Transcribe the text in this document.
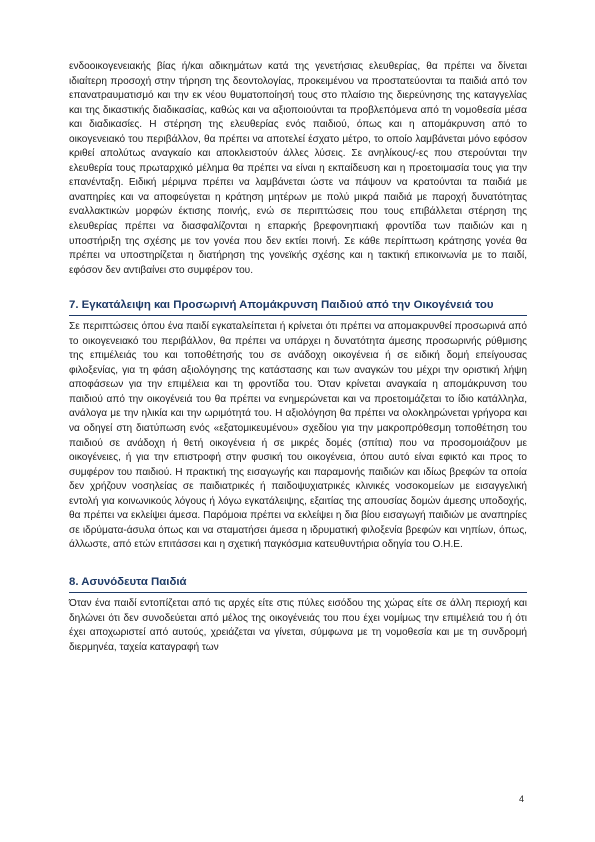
ενδοοικογενειακής βίας ή/και αδικημάτων κατά της γενετήσιας ελευθερίας, θα πρέπει να δίνεται ιδιαίτερη προσοχή στην τήρηση της δεοντολογίας, προκειμένου να προστατεύονται τα παιδιά από τον επανατραυματισμό και την εκ νέου θυματοποίησή τους στο πλαίσιο της διερεύνησης της καταγγελίας και της δικαστικής διαδικασίας, καθώς και να αξιοποιούνται τα προβλεπόμενα από τη νομοθεσία μέσα και διαδικασίες. Η στέρηση της ελευθερίας ενός παιδιού, όπως και η απομάκρυνση από το οικογενειακό του περιβάλλον, θα πρέπει να αποτελεί έσχατο μέτρο, το οποίο λαμβάνεται μόνο εφόσον κριθεί απολύτως αναγκαίο και αποκλειστούν άλλες λύσεις. Σε ανηλίκους/-ες που στερούνται την ελευθερία τους πρωταρχικό μέλημα θα πρέπει να είναι η εκπαίδευση και η προετοιμασία τους για την επανένταξη. Ειδική μέριμνα πρέπει να λαμβάνεται ώστε να πάψουν να κρατούνται τα παιδιά με αναπηρίες και να αποφεύγεται η κράτηση μητέρων με πολύ μικρά παιδιά με παροχή δυνατότητας εναλλακτικών μορφών έκτισης ποινής, ενώ σε περιπτώσεις που τους επιβάλλεται στέρηση της ελευθερίας πρέπει να διασφαλίζονται η επαρκής βρεφονηπιακή φροντίδα των παιδιών και η υποστήριξη της σχέσης με τον γονέα που δεν εκτίει ποινή. Σε κάθε περίπτωση κράτησης γονέα θα πρέπει να υποστηρίζεται η διατήρηση της γονεϊκής σχέσης και η τακτική επικοινωνία με το παιδί, εφόσον δεν αντιβαίνει στο συμφέρον του.

7. Εγκατάλειψη και Προσωρινή Απομάκρυνση Παιδιού από την Οικογένειά του

Σε περιπτώσεις όπου ένα παιδί εγκαταλείπεται ή κρίνεται ότι πρέπει να απομακρυνθεί προσωρινά από το οικογενειακό του περιβάλλον, θα πρέπει να υπάρχει η δυνατότητα άμεσης προσωρινής ρύθμισης της επιμέλειάς του και τοποθέτησής του σε ανάδοχη οικογένεια ή σε ειδική δομή επείγουσας φιλοξενίας, για τη φάση αξιολόγησης της κατάστασης και των αναγκών του μέχρι την οριστική λήψη αποφάσεων για την επιμέλεια και τη φροντίδα του. Όταν κρίνεται αναγκαία η απομάκρυνση του παιδιού από την οικογένειά του θα πρέπει να ενημερώνεται και να προετοιμάζεται το ίδιο κατάλληλα, ανάλογα με την ηλικία και την ωριμότητά του. Η αξιολόγηση θα πρέπει να ολοκληρώνεται γρήγορα και να οδηγεί στη διατύπωση ενός «εξατομικευμένου» σχεδίου για την μακροπρόθεσμη τοποθέτηση του παιδιού σε ανάδοχη ή θετή οικογένεια ή σε μικρές δομές (σπίτια) που να προσομοιάζουν με οικογένειες, ή για την επιστροφή στην φυσική του οικογένεια, όπου αυτό είναι εφικτό και προς το συμφέρον του παιδιού. Η πρακτική της εισαγωγής και παραμονής παιδιών και ιδίως βρεφών τα οποία δεν χρήζουν νοσηλείας σε παιδιατρικές ή παιδοψυχιατρικές κλινικές νοσοκομείων με εισαγγελική εντολή για κοινωνικούς λόγους ή λόγω εγκατάλειψης, εξαιτίας της απουσίας δομών άμεσης υποδοχής, θα πρέπει να εκλείψει άμεσα. Παρόμοια πρέπει να εκλείψει η δια βίου εισαγωγή παιδιών με αναπηρίες σε ιδρύματα-άσυλα όπως και να σταματήσει άμεσα η ιδρυματική φιλοξενία βρεφών και νηπίων, όπως, άλλωστε, από ετών επιτάσσει και η σχετική παγκόσμια κατευθυντήρια οδηγία του Ο.Η.Ε.

8. Ασυνόδευτα Παιδιά

Όταν ένα παιδί εντοπίζεται από τις αρχές είτε στις πύλες εισόδου της χώρας είτε σε άλλη περιοχή και δηλώνει ότι δεν συνοδεύεται από μέλος της οικογένειάς του που έχει νομίμως την επιμέλειά του ή ότι έχει αποχωριστεί από αυτούς, χρειάζεται να γίνεται, σύμφωνα με τη νομοθεσία και με τη συνδρομή διερμηνέα, ταχεία καταγραφή των

4
